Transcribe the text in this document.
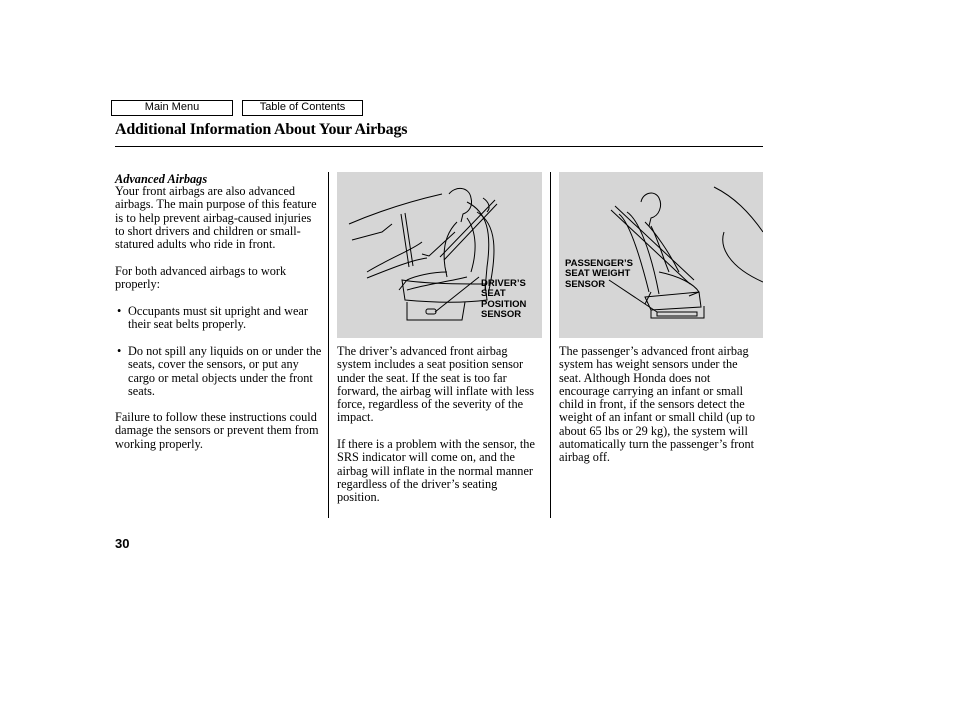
Main Menu	Table of Contents
Additional Information About Your Airbags
Advanced Airbags

Your front airbags are also advanced airbags. The main purpose of this feature is to help prevent airbag-caused injuries to short drivers and children or small-statured adults who ride in front.

For both advanced airbags to work properly:

• Occupants must sit upright and wear their seat belts properly.

• Do not spill any liquids on or under the seats, cover the sensors, or put any cargo or metal objects under the front seats.

Failure to follow these instructions could damage the sensors or prevent them from working properly.

DRIVER’S
SEAT
POSITION
SENSOR

The driver’s advanced front airbag system includes a seat position sensor under the seat. If the seat is too far forward, the airbag will inflate with less force, regardless of the severity of the impact.

If there is a problem with the sensor, the SRS indicator will come on, and the airbag will inflate in the normal manner regardless of the driver’s seating position.

PASSENGER’S
SEAT WEIGHT
SENSOR

The passenger’s advanced front airbag system has weight sensors under the seat. Although Honda does not encourage carrying an infant or small child in front, if the sensors detect the weight of an infant or small child (up to about 65 lbs or 29 kg), the system will automatically turn the passenger’s front airbag off.

30
